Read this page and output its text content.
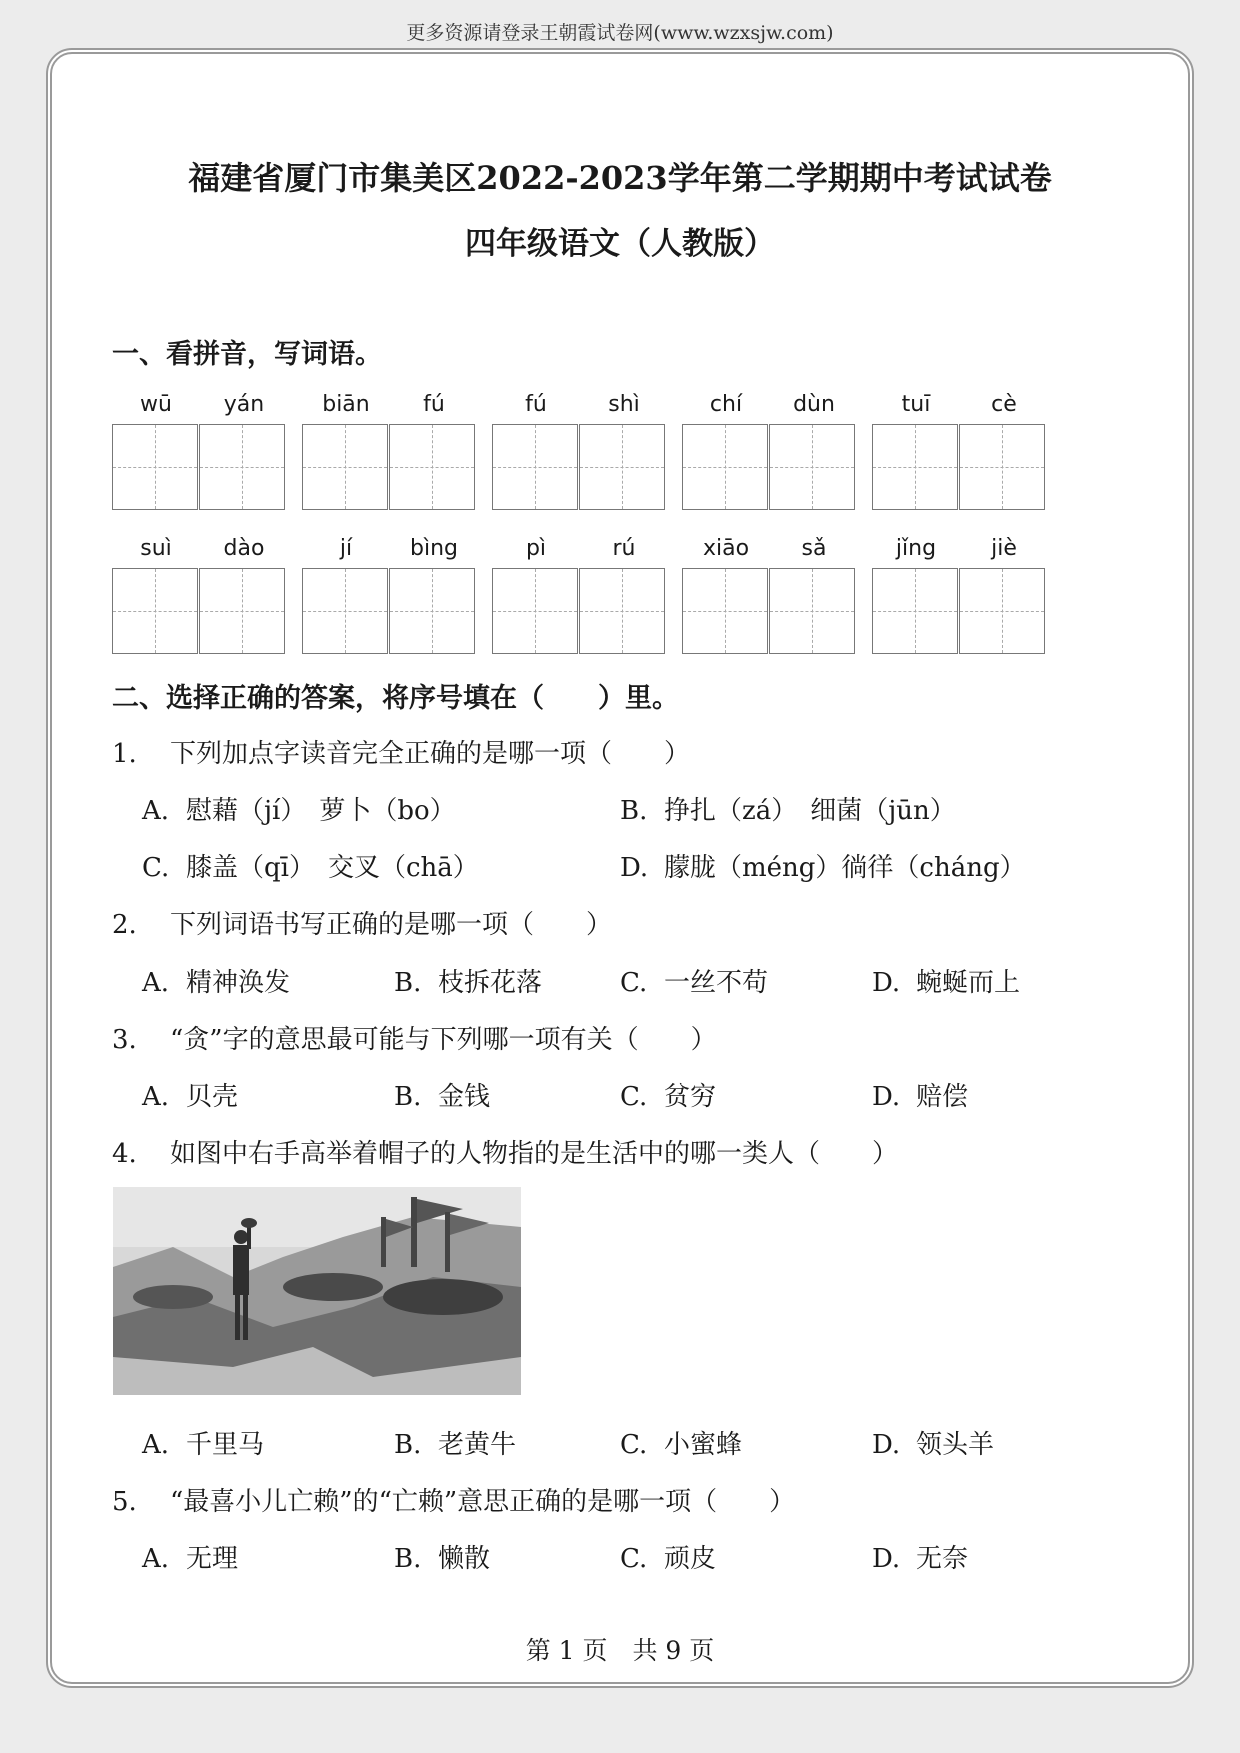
更多资源请登录王朝霞试卷网(www.wzxsjw.com)
福建省厦门市集美区2022-2023学年第二学期期中考试试卷
四年级语文（人教版）
一、看拼音，写词语。
wū	yán	biān	fú	fú	shì	chí	dùn	tuī	cè
suì	dào	jí	bìng	pì	rú	xiāo	sǎ	jǐng	jiè
二、选择正确的答案，将序号填在（　　）里。
1. 下列加点字读音完全正确的是哪一项（　　）
A. 慰藉（jí）　萝卜（bo）	B. 挣扎（zá）　细菌（jūn）
C. 膝盖（qī）　交叉（chā）	D. 朦胧（méng）徜徉（cháng）
2. 下列词语书写正确的是哪一项（　　）
A. 精神涣发	B. 枝拆花落	C. 一丝不苟	D. 蜿蜒而上
3. “贪”字的意思最可能与下列哪一项有关（　　）
A. 贝壳	B. 金钱	C. 贫穷	D. 赔偿
4. 如图中右手高举着帽子的人物指的是生活中的哪一类人（　　）
A. 千里马	B. 老黄牛	C. 小蜜蜂	D. 领头羊
5. “最喜小儿亡赖”的“亡赖”意思正确的是哪一项（　　）
A. 无理	B. 懒散	C. 顽皮	D. 无奈
第 1 页　共 9 页
